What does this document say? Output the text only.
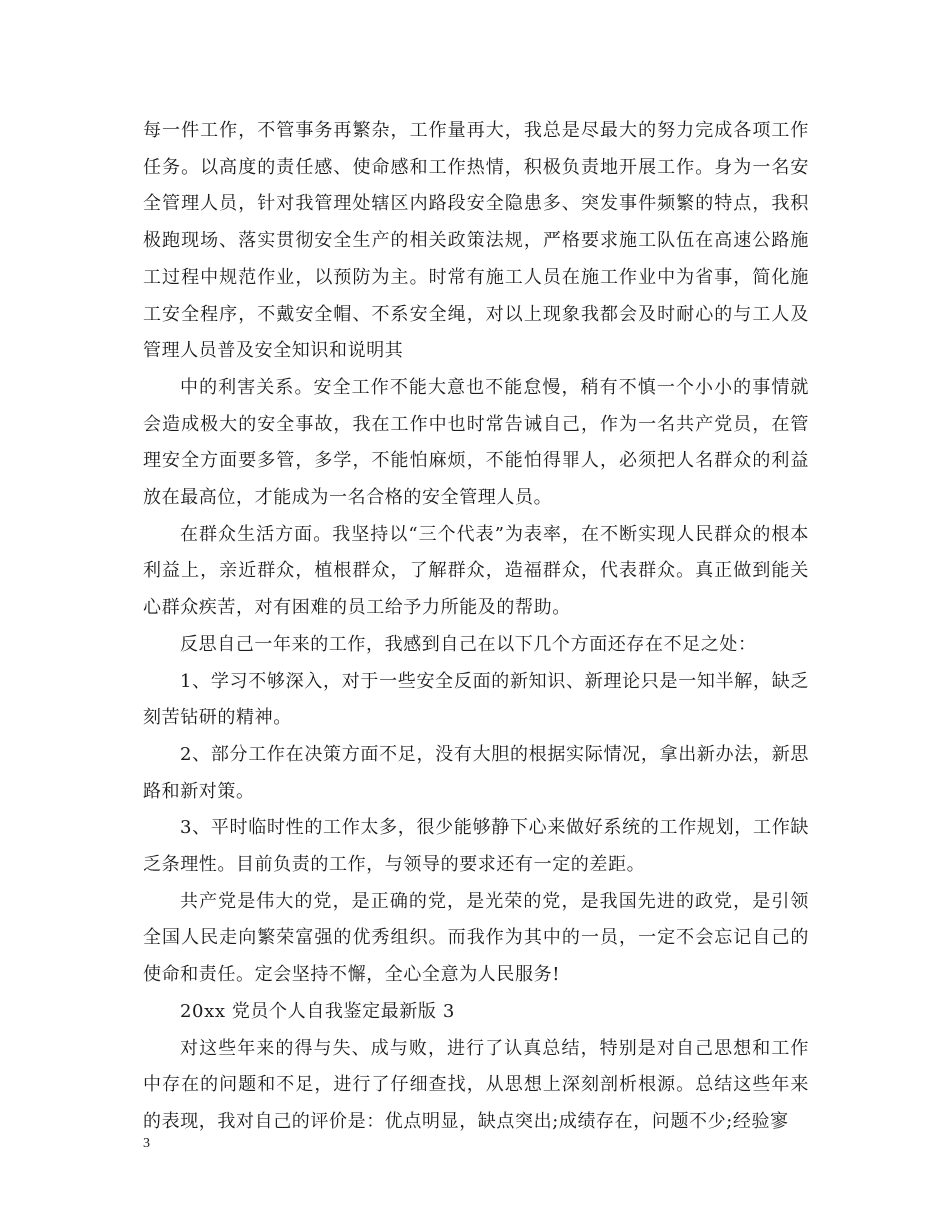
每一件工作，不管事务再繁杂，工作量再大，我总是尽最大的努力完成各项工作任务。以高度的责任感、使命感和工作热情，积极负责地开展工作。身为一名安全管理人员，针对我管理处辖区内路段安全隐患多、突发事件频繁的特点，我积极跑现场、落实贯彻安全生产的相关政策法规，严格要求施工队伍在高速公路施工过程中规范作业，以预防为主。时常有施工人员在施工作业中为省事，简化施工安全程序，不戴安全帽、不系安全绳，对以上现象我都会及时耐心的与工人及管理人员普及安全知识和说明其

中的利害关系。安全工作不能大意也不能怠慢，稍有不慎一个小小的事情就会造成极大的安全事故，我在工作中也时常告诫自己，作为一名共产党员，在管理安全方面要多管，多学，不能怕麻烦，不能怕得罪人，必须把人名群众的利益放在最高位，才能成为一名合格的安全管理人员。

在群众生活方面。我坚持以“三个代表”为表率，在不断实现人民群众的根本利益上，亲近群众，植根群众，了解群众，造福群众，代表群众。真正做到能关心群众疾苦，对有困难的员工给予力所能及的帮助。

反思自己一年来的工作，我感到自己在以下几个方面还存在不足之处：

1、学习不够深入，对于一些安全反面的新知识、新理论只是一知半解，缺乏刻苦钻研的精神。

2、部分工作在决策方面不足，没有大胆的根据实际情况，拿出新办法，新思路和新对策。

3、平时临时性的工作太多，很少能够静下心来做好系统的工作规划，工作缺乏条理性。目前负责的工作，与领导的要求还有一定的差距。

共产党是伟大的党，是正确的党，是光荣的党，是我国先进的政党，是引领全国人民走向繁荣富强的优秀组织。而我作为其中的一员，一定不会忘记自己的使命和责任。定会坚持不懈，全心全意为人民服务!

20xx 党员个人自我鉴定最新版 3

对这些年来的得与失、成与败，进行了认真总结，特别是对自己思想和工作中存在的问题和不足，进行了仔细查找，从思想上深刻剖析根源。总结这些年来的表现，我对自己的评价是：优点明显，缺点突出;成绩存在，问题不少;经验寥

3
